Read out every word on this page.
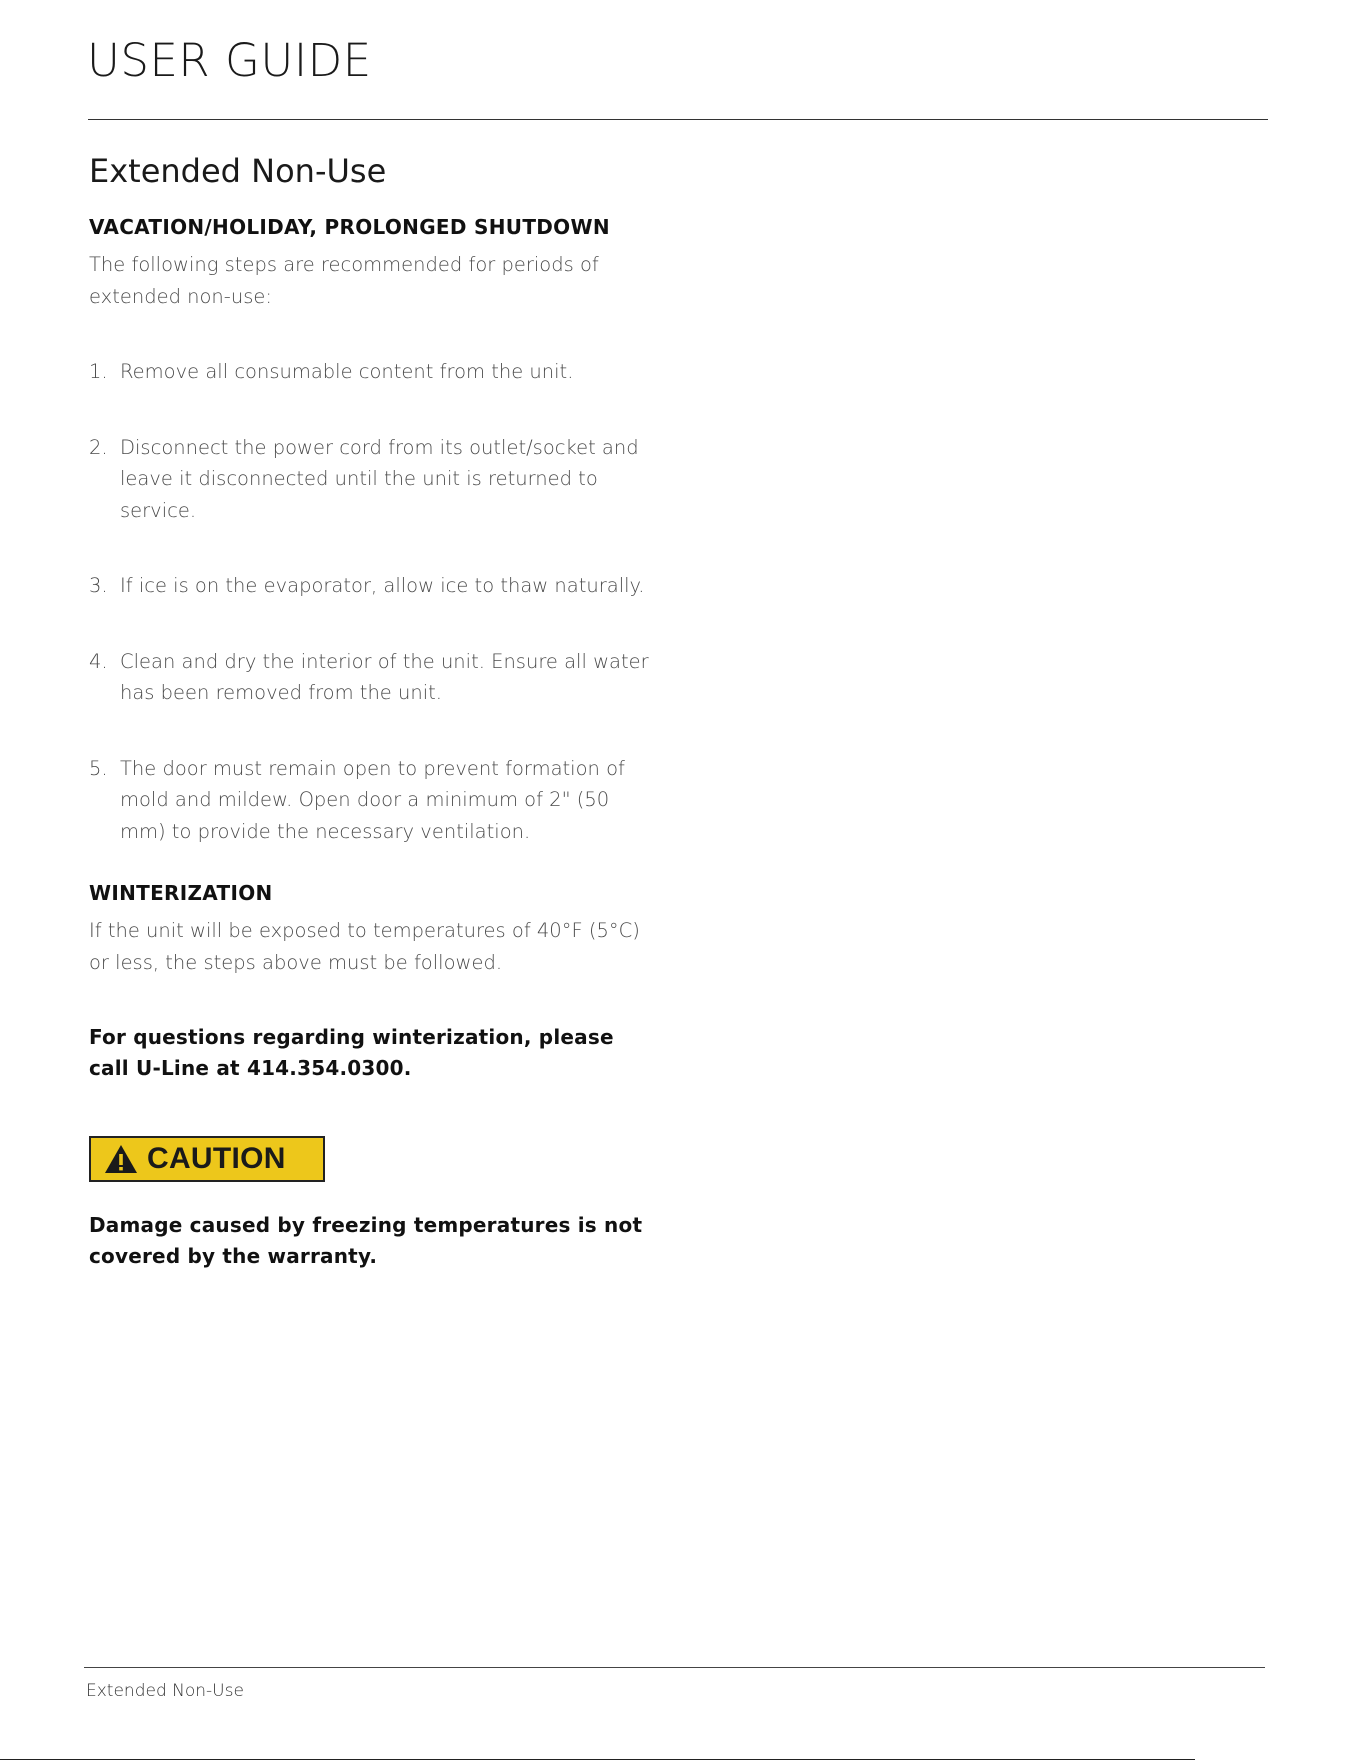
USER GUIDE
Extended Non-Use
VACATION/HOLIDAY, PROLONGED SHUTDOWN

The following steps are recommended for periods of extended non-use:

1. Remove all consumable content from the unit.
2. Disconnect the power cord from its outlet/socket and leave it disconnected until the unit is returned to service.
3. If ice is on the evaporator, allow ice to thaw naturally.
4. Clean and dry the interior of the unit. Ensure all water has been removed from the unit.
5. The door must remain open to prevent formation of mold and mildew. Open door a minimum of 2" (50 mm) to provide the necessary ventilation.
WINTERIZATION

If the unit will be exposed to temperatures of 40°F (5°C) or less, the steps above must be followed.

For questions regarding winterization, please call U-Line at 414.354.0300.

CAUTION

Damage caused by freezing temperatures is not covered by the warranty.

Extended Non-Use
